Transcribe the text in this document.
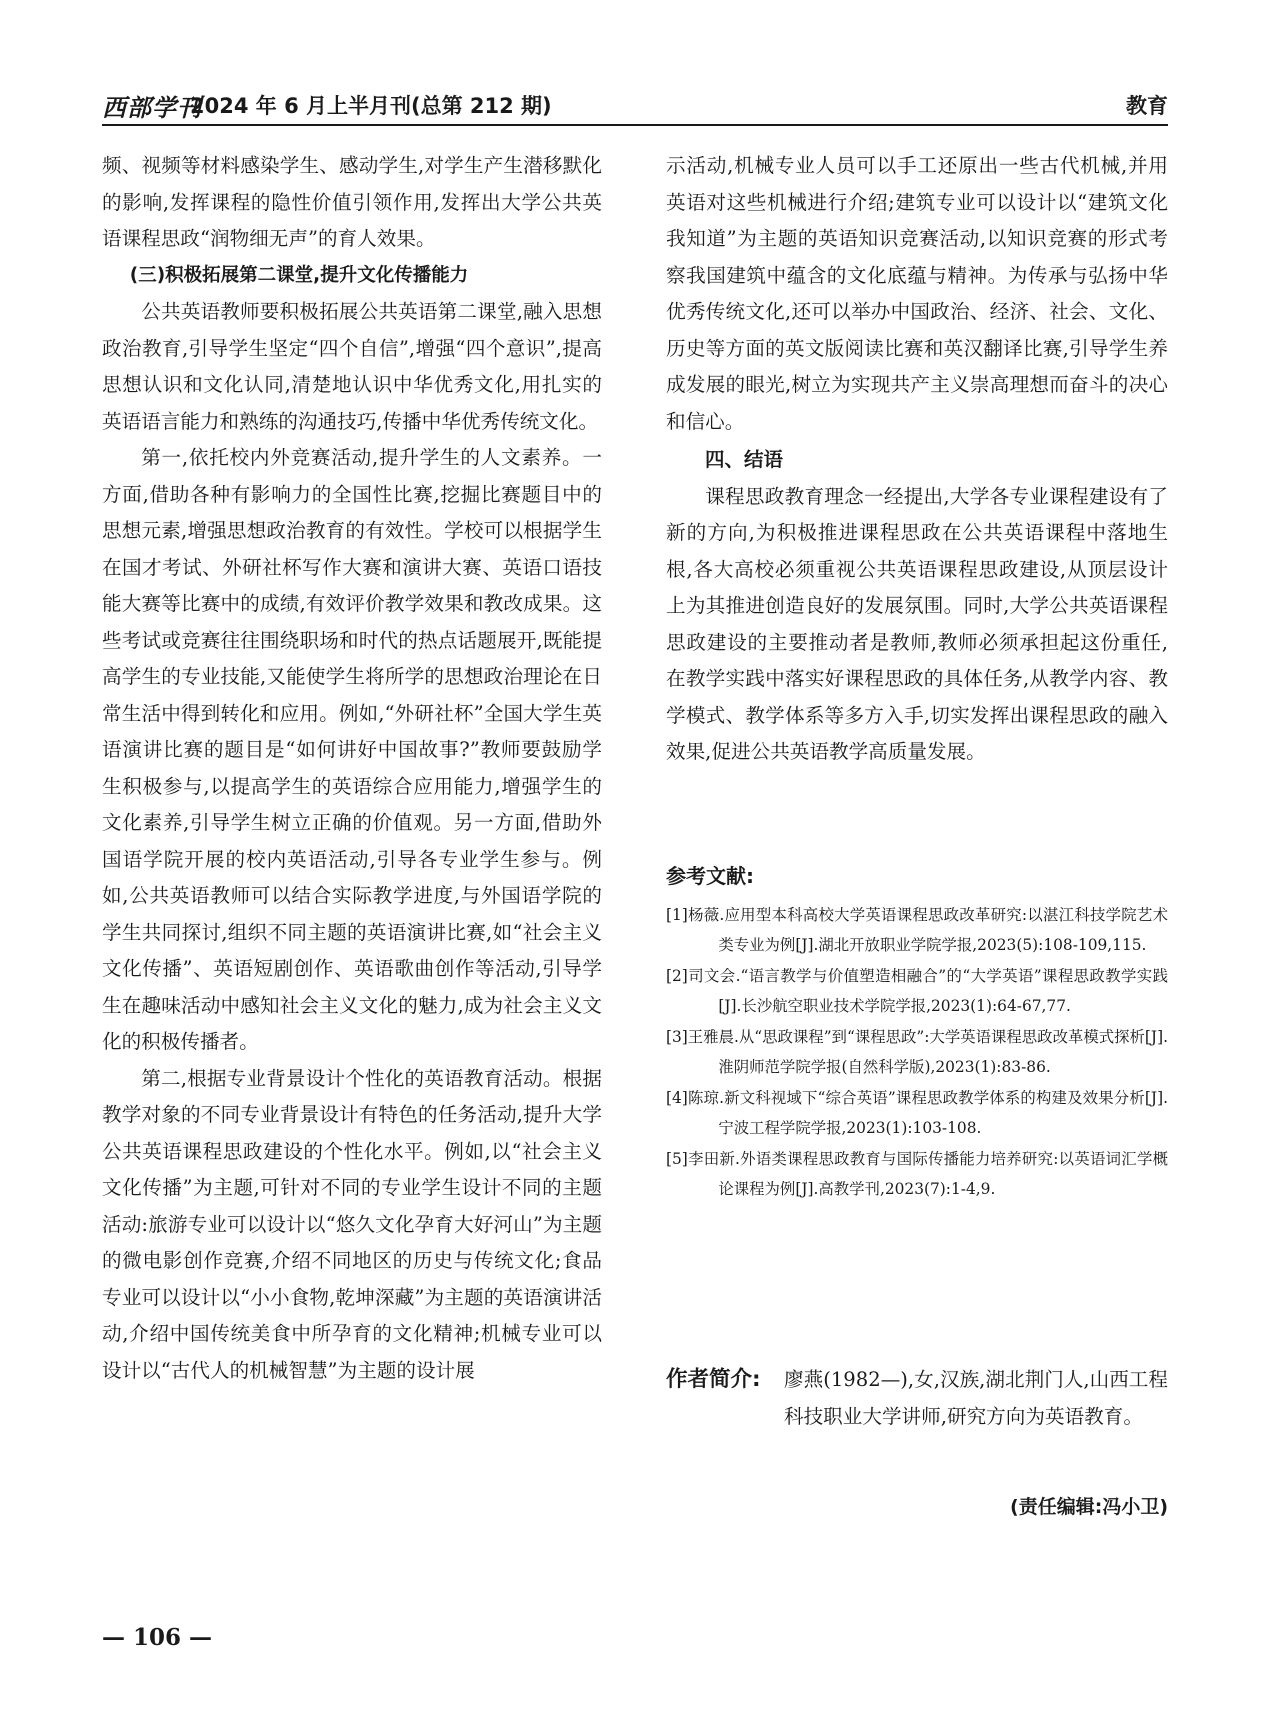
西部学刊
2024 年 6 月上半月刊(总第 212 期)	教育

频、视频等材料感染学生、感动学生,对学生产生潜移默化的影响,发挥课程的隐性价值引领作用,发挥出大学公共英语课程思政“润物细无声”的育人效果。

(三)积极拓展第二课堂,提升文化传播能力

公共英语教师要积极拓展公共英语第二课堂,融入思想政治教育,引导学生坚定“四个自信”,增强“四个意识”,提高思想认识和文化认同,清楚地认识中华优秀文化,用扎实的英语语言能力和熟练的沟通技巧,传播中华优秀传统文化。

第一,依托校内外竞赛活动,提升学生的人文素养。一方面,借助各种有影响力的全国性比赛,挖掘比赛题目中的思想元素,增强思想政治教育的有效性。学校可以根据学生在国才考试、外研社杯写作大赛和演讲大赛、英语口语技能大赛等比赛中的成绩,有效评价教学效果和教改成果。这些考试或竞赛往往围绕职场和时代的热点话题展开,既能提高学生的专业技能,又能使学生将所学的思想政治理论在日常生活中得到转化和应用。例如,“外研社杯”全国大学生英语演讲比赛的题目是“如何讲好中国故事?”教师要鼓励学生积极参与,以提高学生的英语综合应用能力,增强学生的文化素养,引导学生树立正确的价值观。另一方面,借助外国语学院开展的校内英语活动,引导各专业学生参与。例如,公共英语教师可以结合实际教学进度,与外国语学院的学生共同探讨,组织不同主题的英语演讲比赛,如“社会主义文化传播”、英语短剧创作、英语歌曲创作等活动,引导学生在趣味活动中感知社会主义文化的魅力,成为社会主义文化的积极传播者。

第二,根据专业背景设计个性化的英语教育活动。根据教学对象的不同专业背景设计有特色的任务活动,提升大学公共英语课程思政建设的个性化水平。例如,以“社会主义文化传播”为主题,可针对不同的专业学生设计不同的主题活动:旅游专业可以设计以“悠久文化孕育大好河山”为主题的微电影创作竞赛,介绍不同地区的历史与传统文化;食品专业可以设计以“小小食物,乾坤深藏”为主题的英语演讲活动,介绍中国传统美食中所孕育的文化精神;机械专业可以设计以“古代人的机械智慧”为主题的设计展

示活动,机械专业人员可以手工还原出一些古代机械,并用英语对这些机械进行介绍;建筑专业可以设计以“建筑文化我知道”为主题的英语知识竞赛活动,以知识竞赛的形式考察我国建筑中蕴含的文化底蕴与精神。为传承与弘扬中华优秀传统文化,还可以举办中国政治、经济、社会、文化、历史等方面的英文版阅读比赛和英汉翻译比赛,引导学生养成发展的眼光,树立为实现共产主义崇高理想而奋斗的决心和信心。

四、结语

课程思政教育理念一经提出,大学各专业课程建设有了新的方向,为积极推进课程思政在公共英语课程中落地生根,各大高校必须重视公共英语课程思政建设,从顶层设计上为其推进创造良好的发展氛围。同时,大学公共英语课程思政建设的主要推动者是教师,教师必须承担起这份重任,在教学实践中落实好课程思政的具体任务,从教学内容、教学模式、教学体系等多方入手,切实发挥出课程思政的融入效果,促进公共英语教学高质量发展。

参考文献:

[1]杨薇.应用型本科高校大学英语课程思政改革研究:以湛江科技学院艺术类专业为例[J].湖北开放职业学院学报,2023(5):108-109,115.

[2]司文会.“语言教学与价值塑造相融合”的“大学英语”课程思政教学实践[J].长沙航空职业技术学院学报,2023(1):64-67,77.

[3]王雅晨.从“思政课程”到“课程思政”:大学英语课程思政改革模式探析[J].淮阴师范学院学报(自然科学版),2023(1):83-86.

[4]陈琼.新文科视域下“综合英语”课程思政教学体系的构建及效果分析[J].宁波工程学院学报,2023(1):103-108.

[5]李田新.外语类课程思政教育与国际传播能力培养研究:以英语词汇学概论课程为例[J].高教学刊,2023(7):1-4,9.

作者简介: 廖燕(1982—),女,汉族,湖北荆门人,山西工程科技职业大学讲师,研究方向为英语教育。
(责任编辑:冯小卫)
— 106 —
